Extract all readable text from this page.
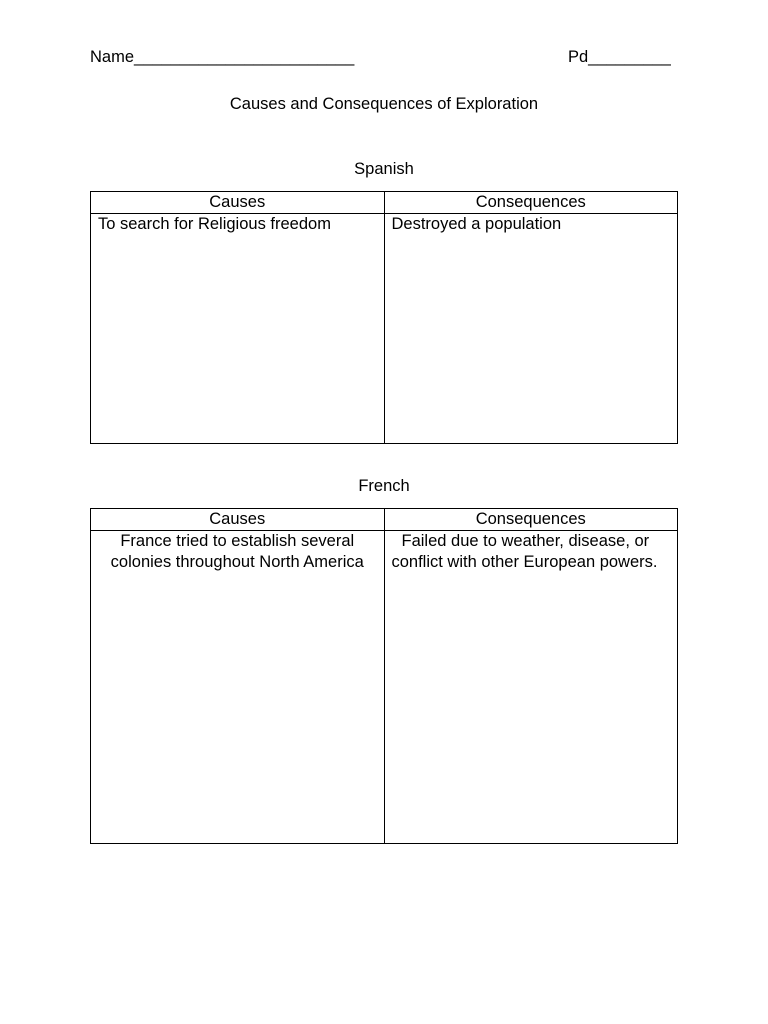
Name________________________	Pd_________
Causes and Consequences of Exploration
Spanish
Causes	Consequences
To search for Religious freedom	Destroyed a population
French
Causes	Consequences
France tried to establish several colonies throughout North America	Failed due to weather, disease, or conflict with other European powers.
